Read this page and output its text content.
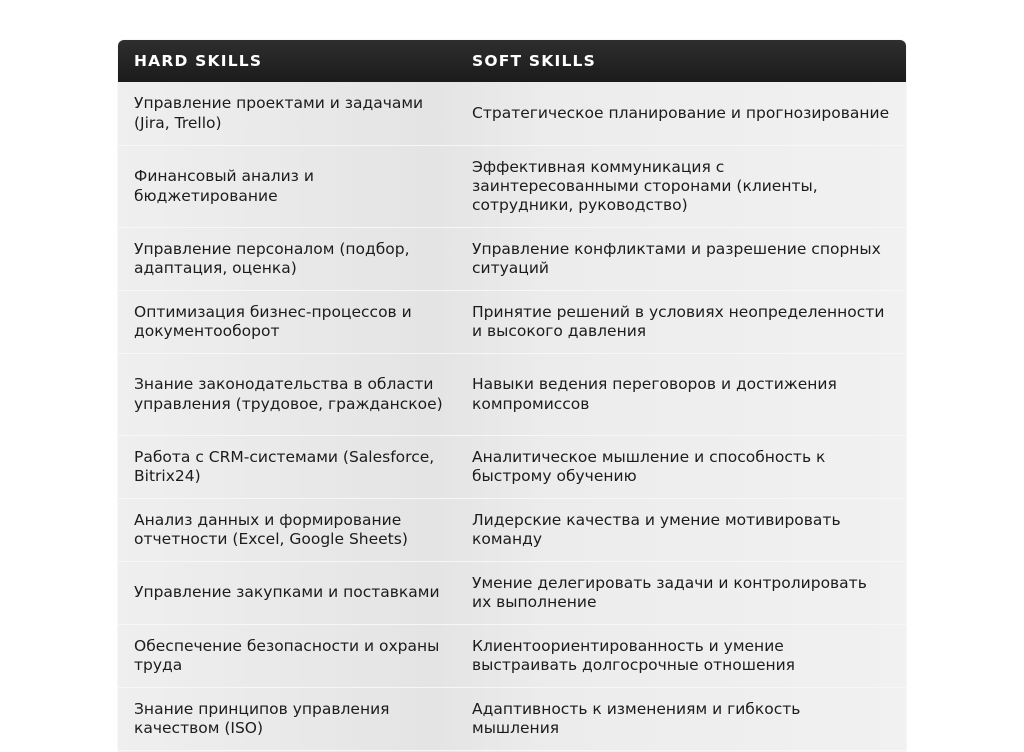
HARD SKILLS	SOFT SKILLS
Управление проектами и задачами (Jira, Trello)
Стратегическое планирование и прогнозирование
Финансовый анализ и бюджетирование
Эффективная коммуникация с заинтересованными сторонами (клиенты, сотрудники, руководство)
Управление персоналом (подбор, адаптация, оценка)
Управление конфликтами и разрешение спорных ситуаций
Оптимизация бизнес-процессов и документооборот
Принятие решений в условиях неопределенности и высокого давления
Знание законодательства в области управления (трудовое, гражданское)
Навыки ведения переговоров и достижения компромиссов
Работа с CRM-системами (Salesforce, Bitrix24)
Аналитическое мышление и способность к быстрому обучению
Анализ данных и формирование отчетности (Excel, Google Sheets)
Лидерские качества и умение мотивировать команду
Управление закупками и поставками
Умение делегировать задачи и контролировать их выполнение
Обеспечение безопасности и охраны труда
Клиентоориентированность и умение выстраивать долгосрочные отношения
Знание принципов управления качеством (ISO)
Адаптивность к изменениям и гибкость мышления
